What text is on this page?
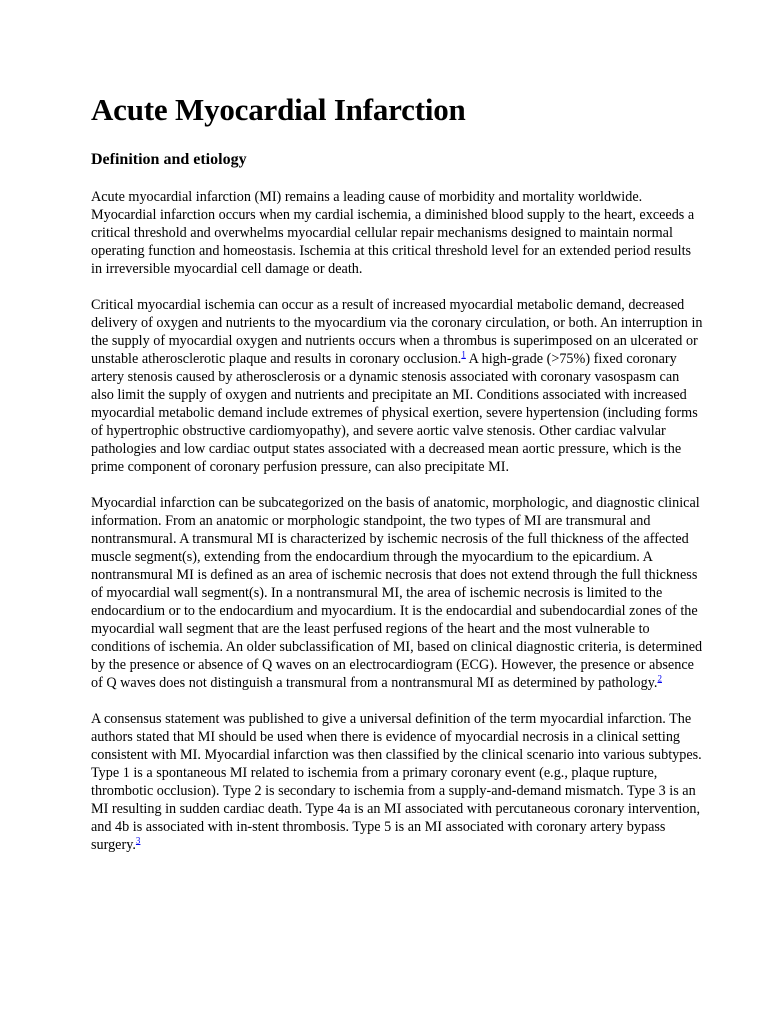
Acute Myocardial Infarction
Definition and etiology

Acute myocardial infarction (MI) remains a leading cause of morbidity and mortality worldwide. Myocardial infarction occurs when my cardial ischemia, a diminished blood supply to the heart, exceeds a critical threshold and overwhelms myocardial cellular repair mechanisms designed to maintain normal operating function and homeostasis. Ischemia at this critical threshold level for an extended period results in irreversible myocardial cell damage or death.

Critical myocardial ischemia can occur as a result of increased myocardial metabolic demand, decreased delivery of oxygen and nutrients to the myocardium via the coronary circulation, or both. An interruption in the supply of myocardial oxygen and nutrients occurs when a thrombus is superimposed on an ulcerated or unstable atherosclerotic plaque and results in coronary occlusion.$^1$ A high-grade (>75%) fixed coronary artery stenosis caused by atherosclerosis or a dynamic stenosis associated with coronary vasospasm can also limit the supply of oxygen and nutrients and precipitate an MI. Conditions associated with increased myocardial metabolic demand include extremes of physical exertion, severe hypertension (including forms of hypertrophic obstructive cardiomyopathy), and severe aortic valve stenosis. Other cardiac valvular pathologies and low cardiac output states associated with a decreased mean aortic pressure, which is the prime component of coronary perfusion pressure, can also precipitate MI.

Myocardial infarction can be subcategorized on the basis of anatomic, morphologic, and diagnostic clinical information. From an anatomic or morphologic standpoint, the two types of MI are transmural and nontransmural. A transmural MI is characterized by ischemic necrosis of the full thickness of the affected muscle segment(s), extending from the endocardium through the myocardium to the epicardium. A nontransmural MI is defined as an area of ischemic necrosis that does not extend through the full thickness of myocardial wall segment(s). In a nontransmural MI, the area of ischemic necrosis is limited to the endocardium or to the endocardium and myocardium. It is the endocardial and subendocardial zones of the myocardial wall segment that are the least perfused regions of the heart and the most vulnerable to conditions of ischemia. An older subclassification of MI, based on clinical diagnostic criteria, is determined by the presence or absence of Q waves on an electrocardiogram (ECG). However, the presence or absence of Q waves does not distinguish a transmural from a nontransmural MI as determined by pathology.$^2$

A consensus statement was published to give a universal definition of the term myocardial infarction. The authors stated that MI should be used when there is evidence of myocardial necrosis in a clinical setting consistent with MI. Myocardial infarction was then classified by the clinical scenario into various subtypes. Type 1 is a spontaneous MI related to ischemia from a primary coronary event (e.g., plaque rupture, thrombotic occlusion). Type 2 is secondary to ischemia from a supply-and-demand mismatch. Type 3 is an MI resulting in sudden cardiac death. Type 4a is an MI associated with percutaneous coronary intervention, and 4b is associated with in-stent thrombosis. Type 5 is an MI associated with coronary artery bypass surgery.$^3$
